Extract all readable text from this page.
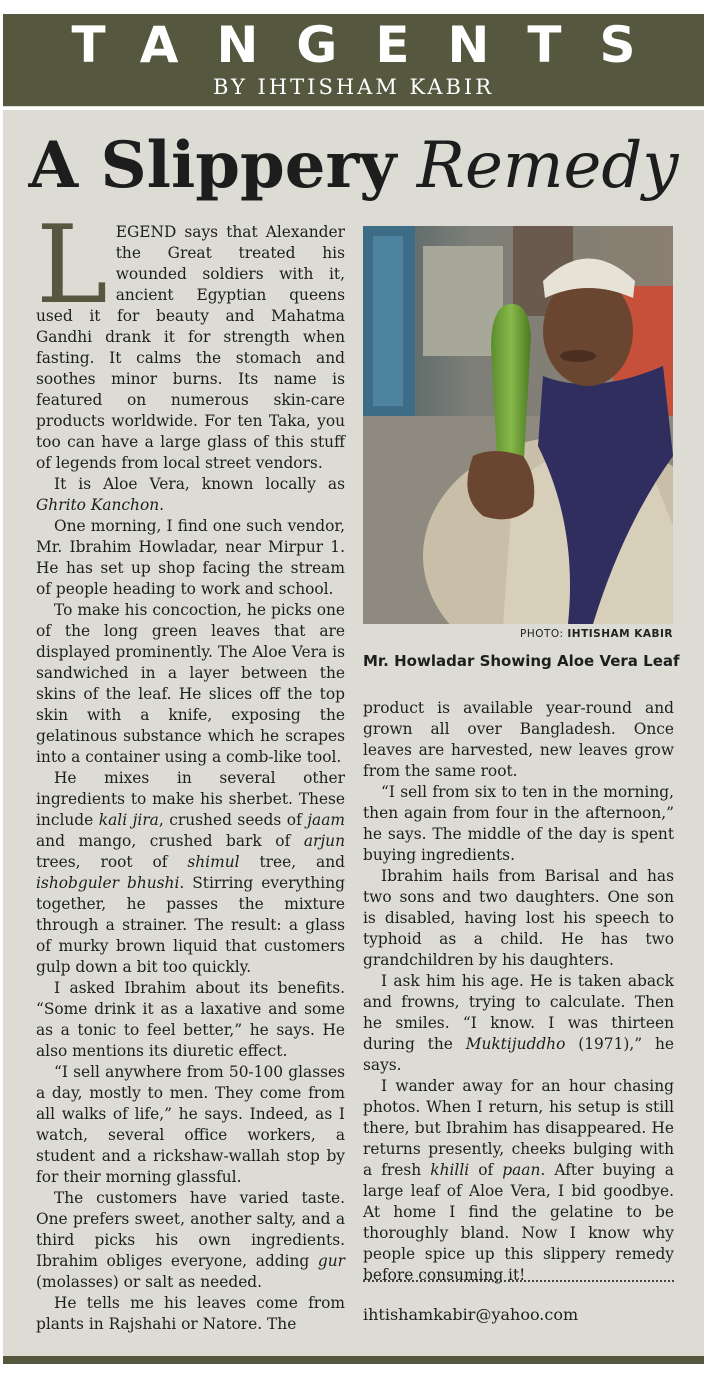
TANGENTS
BY IHTISHAM KABIR
A Slippery Remedy

LEGEND says that Alexander the Great treated his wounded soldiers with it, ancient Egyptian queens used it for beauty and Mahatma Gandhi drank it for strength when fasting. It calms the stomach and soothes minor burns. Its name is featured on numerous skin-care products worldwide. For ten Taka, you too can have a large glass of this stuff of legends from local street vendors.

It is Aloe Vera, known locally as Ghrito Kanchon.

One morning, I find one such vendor, Mr. Ibrahim Howladar, near Mirpur 1. He has set up shop facing the stream of people heading to work and school.

To make his concoction, he picks one of the long green leaves that are displayed prominently. The Aloe Vera is sandwiched in a layer between the skins of the leaf. He slices off the top skin with a knife, exposing the gelatinous substance which he scrapes into a container using a comb-like tool.

He mixes in several other ingredients to make his sherbet. These include kali jira, crushed seeds of jaam and mango, crushed bark of arjun trees, root of shimul tree, and ishobguler bhushi. Stirring everything together, he passes the mixture through a strainer. The result: a glass of murky brown liquid that customers gulp down a bit too quickly.

I asked Ibrahim about its benefits. “Some drink it as a laxative and some as a tonic to feel better,” he says. He also mentions its diuretic effect.

“I sell anywhere from 50-100 glasses a day, mostly to men. They come from all walks of life,” he says. Indeed, as I watch, several office workers, a student and a rickshaw-wallah stop by for their morning glassful.

The customers have varied taste. One prefers sweet, another salty, and a third picks his own ingredients. Ibrahim obliges everyone, adding gur (molasses) or salt as needed.

He tells me his leaves come from plants in Rajshahi or Natore. The

PHOTO: IHTISHAM KABIR
Mr. Howladar Showing Aloe Vera Leaf

product is available year-round and grown all over Bangladesh. Once leaves are harvested, new leaves grow from the same root.

“I sell from six to ten in the morning, then again from four in the afternoon,” he says. The middle of the day is spent buying ingredients.

Ibrahim hails from Barisal and has two sons and two daughters. One son is disabled, having lost his speech to typhoid as a child. He has two grandchildren by his daughters.

I ask him his age. He is taken aback and frowns, trying to calculate. Then he smiles. “I know. I was thirteen during the Muktijuddho (1971),” he says.

I wander away for an hour chasing photos. When I return, his setup is still there, but Ibrahim has disappeared. He returns presently, cheeks bulging with a fresh khilli of paan. After buying a large leaf of Aloe Vera, I bid goodbye. At home I find the gelatine to be thoroughly bland. Now I know why people spice up this slippery remedy before consuming it!

ihtishamkabir@yahoo.com
